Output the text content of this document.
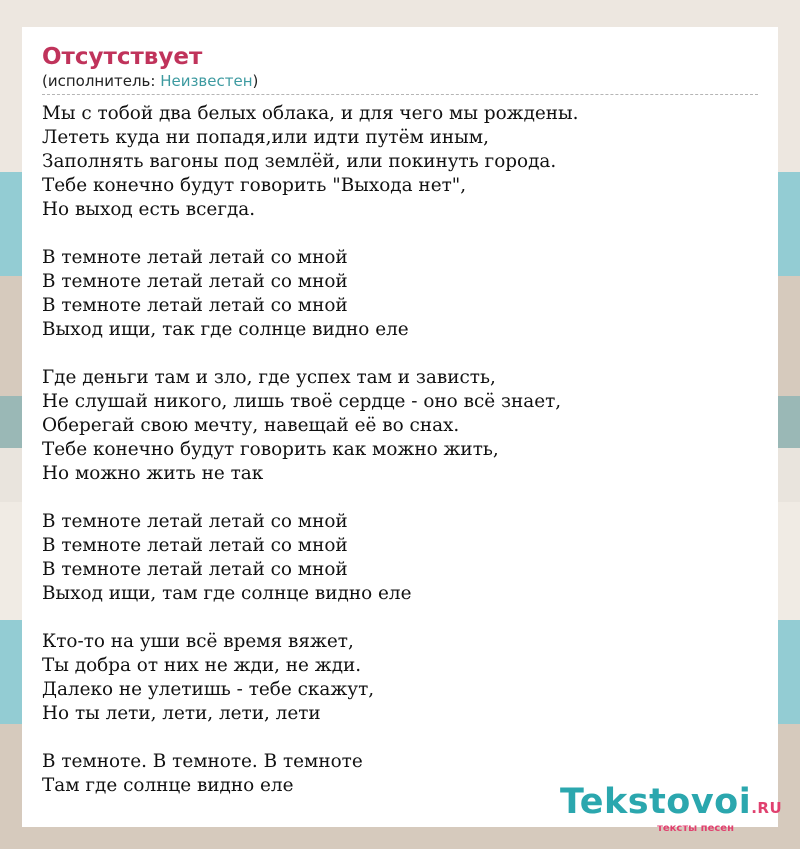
Отсутствует
(исполнитель: Неизвестен)
Мы с тобой два белых облака, и для чего мы рождены.
Лететь куда ни попадя,или идти путём иным,
Заполнять вагоны под землёй, или покинуть города.
Тебе конечно будут говорить "Выхода нет",
Но выход есть всегда.
В темноте летай летай со мной
В темноте летай летай со мной
В темноте летай летай со мной
Выход ищи, так где солнце видно еле
Где деньги там и зло, где успех там и зависть,
Не слушай никого, лишь твоё сердце - оно всё знает,
Оберегай свою мечту, навещай её во снах.
Тебе конечно будут говорить как можно жить,
Но можно жить не так
В темноте летай летай со мной
В темноте летай летай со мной
В темноте летай летай со мной
Выход ищи, там где солнце видно еле
Кто-то на уши всё время вяжет,
Ты добра от них не жди, не жди.
Далеко не улетишь - тебе скажут,
Но ты лети, лети, лети, лети
В темноте. В темноте. В темноте
Там где солнце видно еле	Tekstovoi.RU
тексты песен
